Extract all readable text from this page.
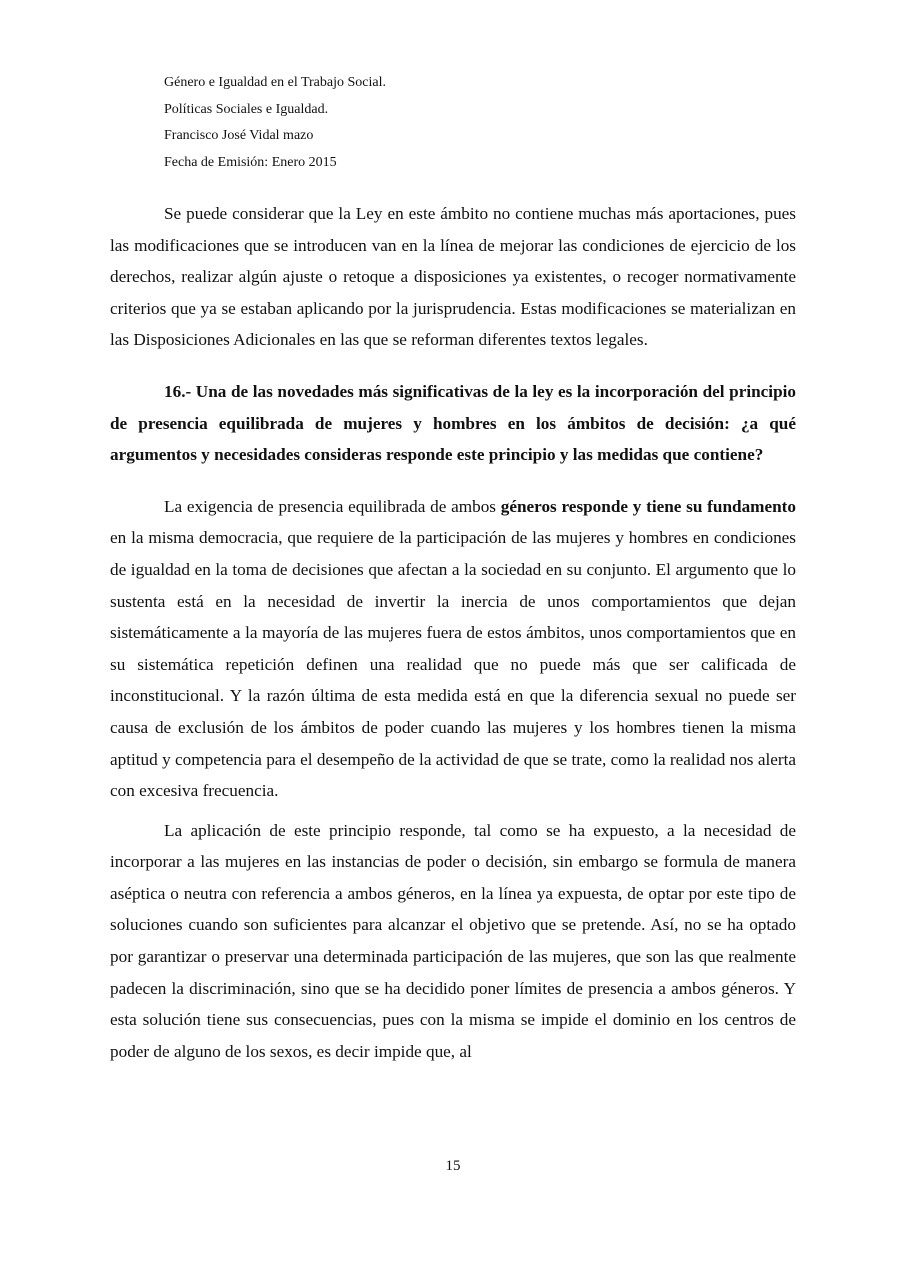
Género e Igualdad en el Trabajo Social.
Políticas Sociales e Igualdad.
Francisco José Vidal mazo
Fecha de Emisión: Enero 2015

Se puede considerar que la Ley en este ámbito no contiene muchas más aportaciones, pues las modificaciones que se introducen van en la línea de mejorar las condiciones de ejercicio de los derechos, realizar algún ajuste o retoque a disposiciones ya existentes, o recoger normativamente criterios que ya se estaban aplicando por la jurisprudencia. Estas modificaciones se materializan en las Disposiciones Adicionales en las que se reforman diferentes textos legales.

16.- Una de las novedades más significativas de la ley es la incorporación del principio de presencia equilibrada de mujeres y hombres en los ámbitos de decisión: ¿a qué argumentos y necesidades consideras responde este principio y las medidas que contiene?

La exigencia de presencia equilibrada de ambos géneros responde y tiene su fundamento en la misma democracia, que requiere de la participación de las mujeres y hombres en condiciones de igualdad en la toma de decisiones que afectan a la sociedad en su conjunto. El argumento que lo sustenta está en la necesidad de invertir la inercia de unos comportamientos que dejan sistemáticamente a la mayoría de las mujeres fuera de estos ámbitos, unos comportamientos que en su sistemática repetición definen una realidad que no puede más que ser calificada de inconstitucional. Y la razón última de esta medida está en que la diferencia sexual no puede ser causa de exclusión de los ámbitos de poder cuando las mujeres y los hombres tienen la misma aptitud y competencia para el desempeño de la actividad de que se trate, como la realidad nos alerta con excesiva frecuencia.

La aplicación de este principio responde, tal como se ha expuesto, a la necesidad de incorporar a las mujeres en las instancias de poder o decisión, sin embargo se formula de manera aséptica o neutra con referencia a ambos géneros, en la línea ya expuesta, de optar por este tipo de soluciones cuando son suficientes para alcanzar el objetivo que se pretende. Así, no se ha optado por garantizar o preservar una determinada participación de las mujeres, que son las que realmente padecen la discriminación, sino que se ha decidido poner límites de presencia a ambos géneros. Y esta solución tiene sus consecuencias, pues con la misma se impide el dominio en los centros de poder de alguno de los sexos, es decir impide que, al

15
